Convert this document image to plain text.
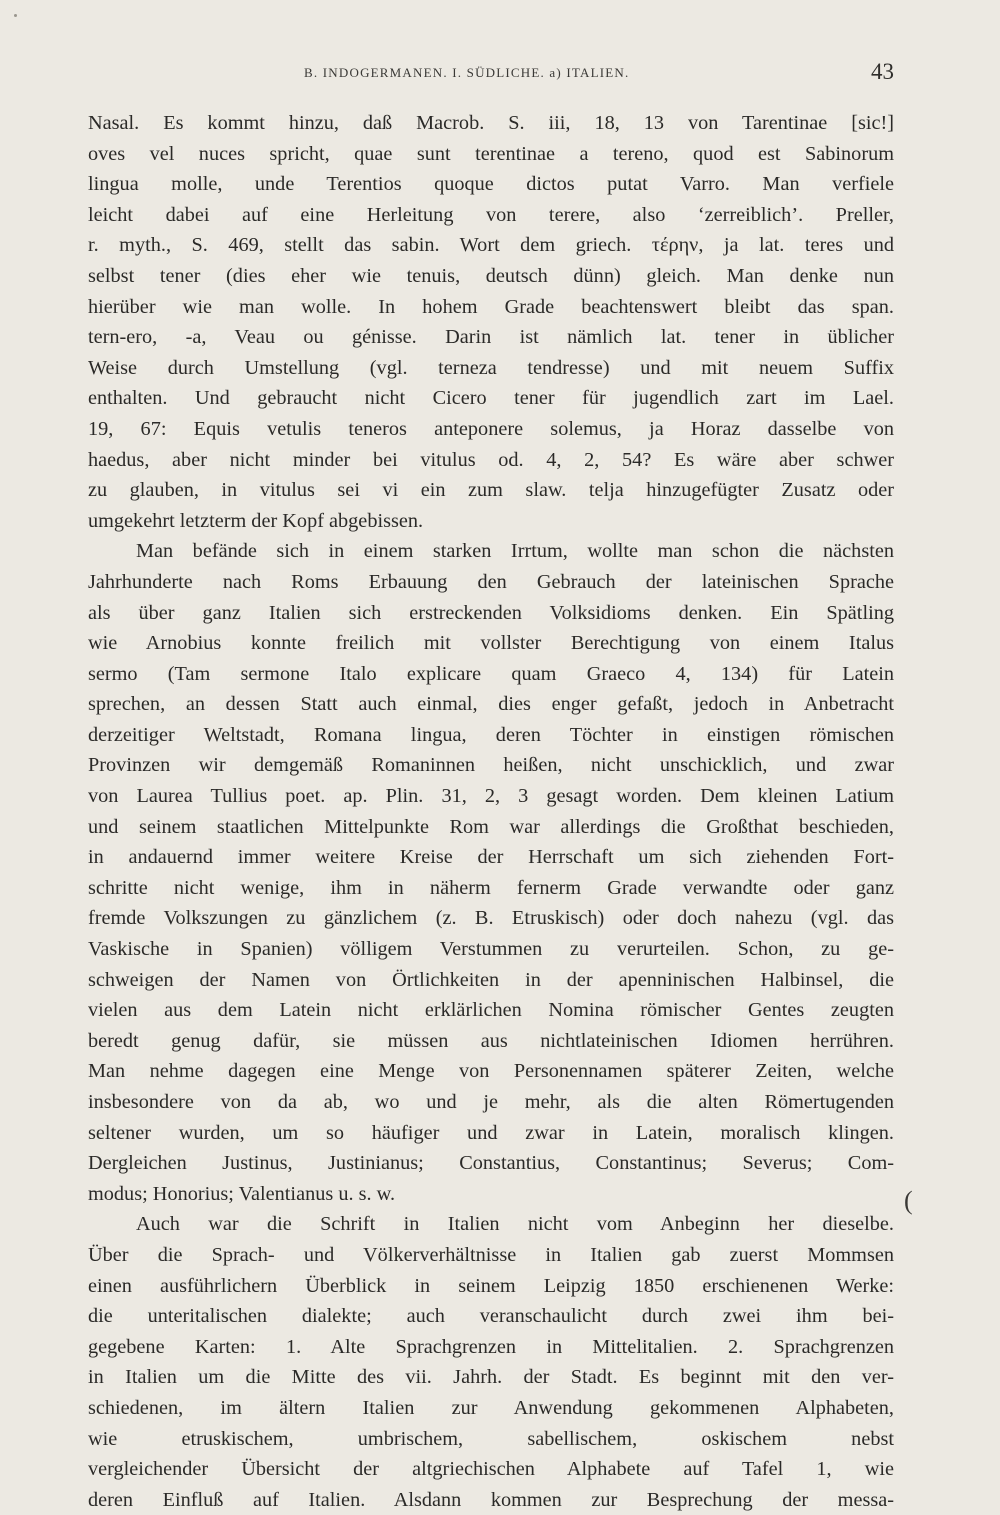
B. INDOGERMANEN. I. SÜDLICHE. a) ITALIEN.	43
Nasal. Es kommt hinzu, daß Macrob. S. iii, 18, 13 von Tarentinae [sic!]
oves vel nuces spricht, quae sunt terentinae a tereno, quod est Sabinorum
lingua molle, unde Terentios quoque dictos putat Varro. Man verfiele
leicht dabei auf eine Herleitung von terere, also ‘zerreiblich’. Preller,
r. myth., S. 469, stellt das sabin. Wort dem griech. τέρην, ja lat. teres und
selbst tener (dies eher wie tenuis, deutsch dünn) gleich. Man denke nun
hierüber wie man wolle. In hohem Grade beachtenswert bleibt das span.
tern-ero, -a, Veau ou génisse. Darin ist nämlich lat. tener in üblicher
Weise durch Umstellung (vgl. terneza tendresse) und mit neuem Suffix
enthalten. Und gebraucht nicht Cicero tener für jugendlich zart im Lael.
19, 67: Equis vetulis teneros anteponere solemus, ja Horaz dasselbe von
haedus, aber nicht minder bei vitulus od. 4, 2, 54? Es wäre aber schwer
zu glauben, in vitulus sei vi ein zum slaw. telja hinzugefügter Zusatz oder
umgekehrt letzterm der Kopf abgebissen.
Man befände sich in einem starken Irrtum, wollte man schon die nächsten
Jahrhunderte nach Roms Erbauung den Gebrauch der lateinischen Sprache
als über ganz Italien sich erstreckenden Volksidioms denken. Ein Spätling
wie Arnobius konnte freilich mit vollster Berechtigung von einem Italus
sermo (Tam sermone Italo explicare quam Graeco 4, 134) für Latein
sprechen, an dessen Statt auch einmal, dies enger gefaßt, jedoch in Anbetracht
derzeitiger Weltstadt, Romana lingua, deren Töchter in einstigen römischen
Provinzen wir demgemäß Romaninnen heißen, nicht unschicklich, und zwar
von Laurea Tullius poet. ap. Plin. 31, 2, 3 gesagt worden. Dem kleinen Latium
und seinem staatlichen Mittelpunkte Rom war allerdings die Großthat beschieden,
in andauernd immer weitere Kreise der Herrschaft um sich ziehenden Fort-
schritte nicht wenige, ihm in näherm fernerm Grade verwandte oder ganz
fremde Volkszungen zu gänzlichem (z. B. Etruskisch) oder doch nahezu (vgl. das
Vaskische in Spanien) völligem Verstummen zu verurteilen. Schon, zu ge-
schweigen der Namen von Örtlichkeiten in der apenninischen Halbinsel, die
vielen aus dem Latein nicht erklärlichen Nomina römischer Gentes zeugten
beredt genug dafür, sie müssen aus nichtlateinischen Idiomen herrühren.
Man nehme dagegen eine Menge von Personennamen späterer Zeiten, welche
insbesondere von da ab, wo und je mehr, als die alten Römertugenden
seltener wurden, um so häufiger und zwar in Latein, moralisch klingen.
Dergleichen Justinus, Justinianus; Constantius, Constantinus; Severus; Com-
modus; Honorius; Valentianus u. s. w.
Auch war die Schrift in Italien nicht vom Anbeginn her dieselbe.
Über die Sprach- und Völkerverhältnisse in Italien gab zuerst Mommsen
einen ausführlichern Überblick in seinem Leipzig 1850 erschienenen Werke:
die unteritalischen dialekte; auch veranschaulicht durch zwei ihm bei-
gegebene Karten: 1. Alte Sprachgrenzen in Mittelitalien. 2. Sprachgrenzen
in Italien um die Mitte des vii. Jahrh. der Stadt. Es beginnt mit den ver-
schiedenen, im ältern Italien zur Anwendung gekommenen Alphabeten,
wie etruskischem, umbrischem, sabellischem, oskischem nebst
vergleichender Übersicht der altgriechischen Alphabete auf Tafel 1, wie
deren Einfluß auf Italien. Alsdann kommen zur Besprechung der messa-
(
